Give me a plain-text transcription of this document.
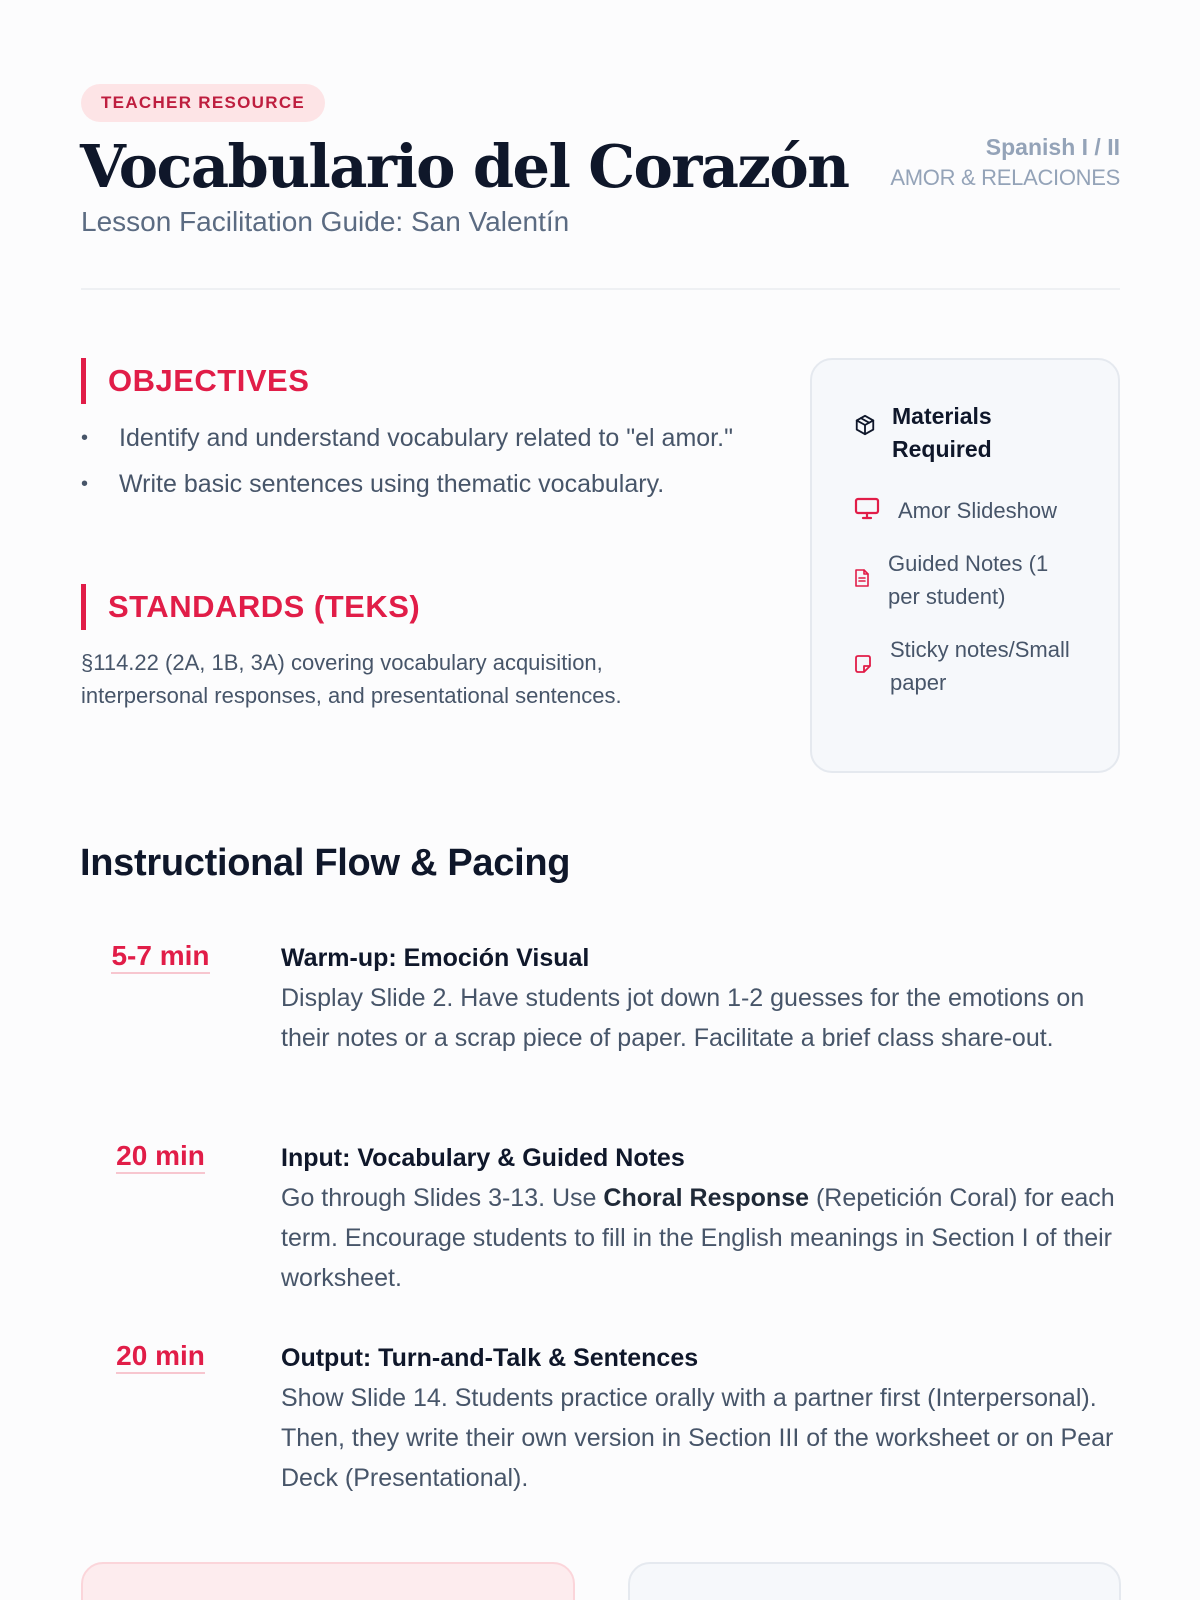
TEACHER RESOURCE
Vocabulario del Corazón
Lesson Facilitation Guide: San Valentín
Spanish I / II
AMOR & RELACIONES
OBJECTIVES
• Identify and understand vocabulary related to "el amor."
• Write basic sentences using thematic vocabulary.
STANDARDS (TEKS)

§114.22 (2A, 1B, 3A) covering vocabulary acquisition, interpersonal responses, and presentational sentences.

Materials Required
Amor Slideshow
Guided Notes (1 per student)
Sticky notes/Small paper
Instructional Flow & Pacing
5-7 min	Warm-up: Emoción Visual
Display Slide 2. Have students jot down 1-2 guesses for the emotions on their notes or a scrap piece of paper. Facilitate a brief class share-out.
20 min	Input: Vocabulary & Guided Notes
Go through Slides 3-13. Use Choral Response (Repetición Coral) for each term. Encourage students to fill in the English meanings in Section I of their worksheet.
20 min	Output: Turn-and-Talk & Sentences
Show Slide 14. Students practice orally with a partner first (Interpersonal). Then, they write their own version in Section III of the worksheet or on Pear Deck (Presentational).
